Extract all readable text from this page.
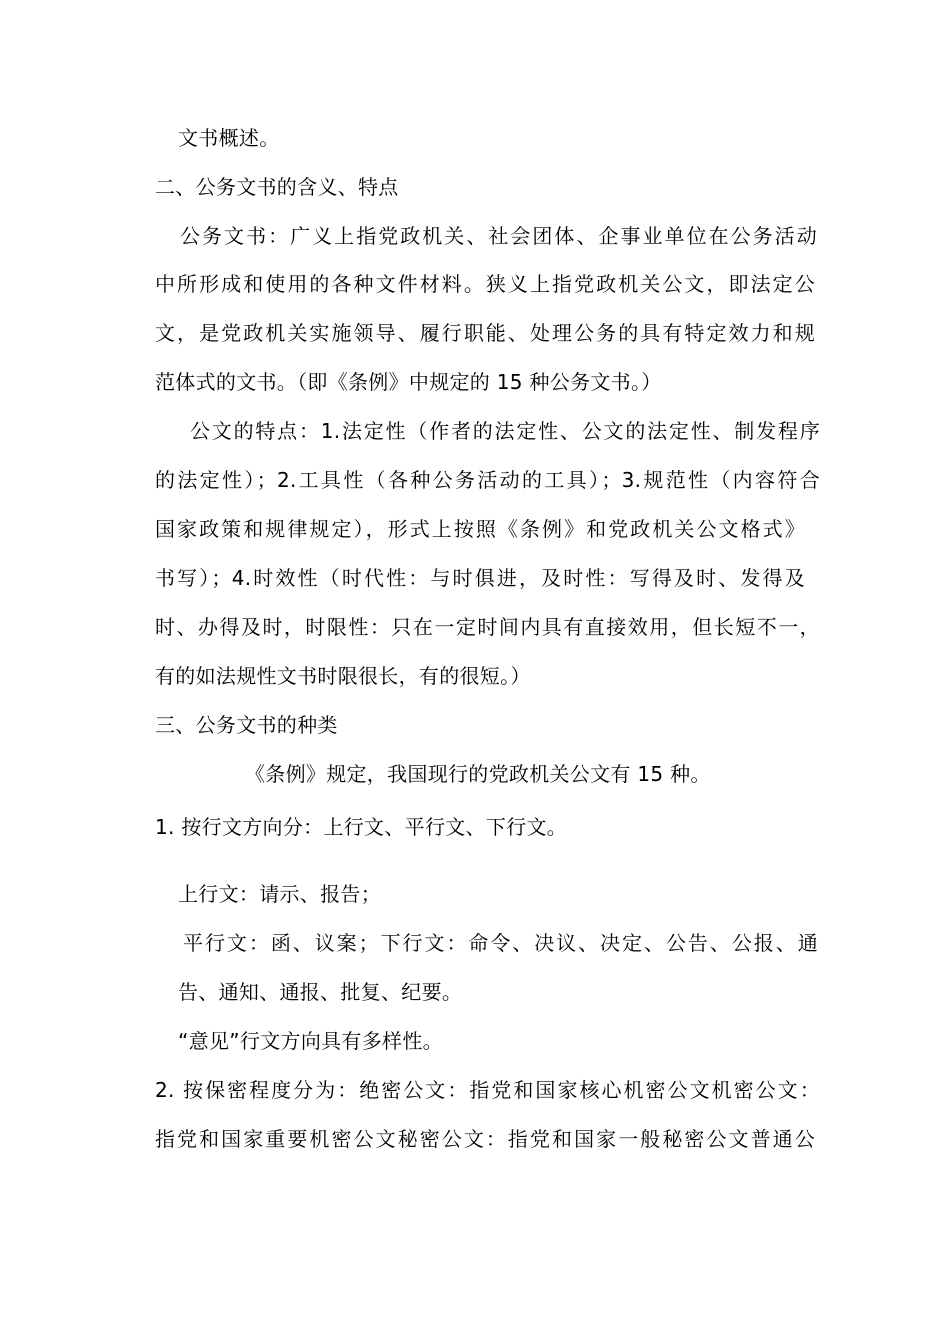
文书概述。
二、公务文书的含义、特点
公务文书：广义上指党政机关、社会团体、企事业单位在公务活动
中所形成和使用的各种文件材料。狭义上指党政机关公文，即法定公
文，是党政机关实施领导、履行职能、处理公务的具有特定效力和规
范体式的文书。（即《条例》中规定的 15 种公务文书。）
公文的特点：1.法定性（作者的法定性、公文的法定性、制发程序
的法定性）；2.工具性（各种公务活动的工具）；3.规范性（内容符合
国家政策和规律规定），形式上按照《条例》和党政机关公文格式》
书写）；4.时效性（时代性：与时俱进，及时性：写得及时、发得及
时、办得及时，时限性：只在一定时间内具有直接效用，但长短不一，
有的如法规性文书时限很长，有的很短。）
三、公务文书的种类
《条例》规定，我国现行的党政机关公文有 15 种。
1. 按行文方向分：上行文、平行文、下行文。
上行文：请示、报告；
平行文：函、议案；下行文：命令、决议、决定、公告、公报、通
告、通知、通报、批复、纪要。
“意见”行文方向具有多样性。
2. 按保密程度分为：绝密公文：指党和国家核心机密公文机密公文：
指党和国家重要机密公文秘密公文：指党和国家一般秘密公文普通公
